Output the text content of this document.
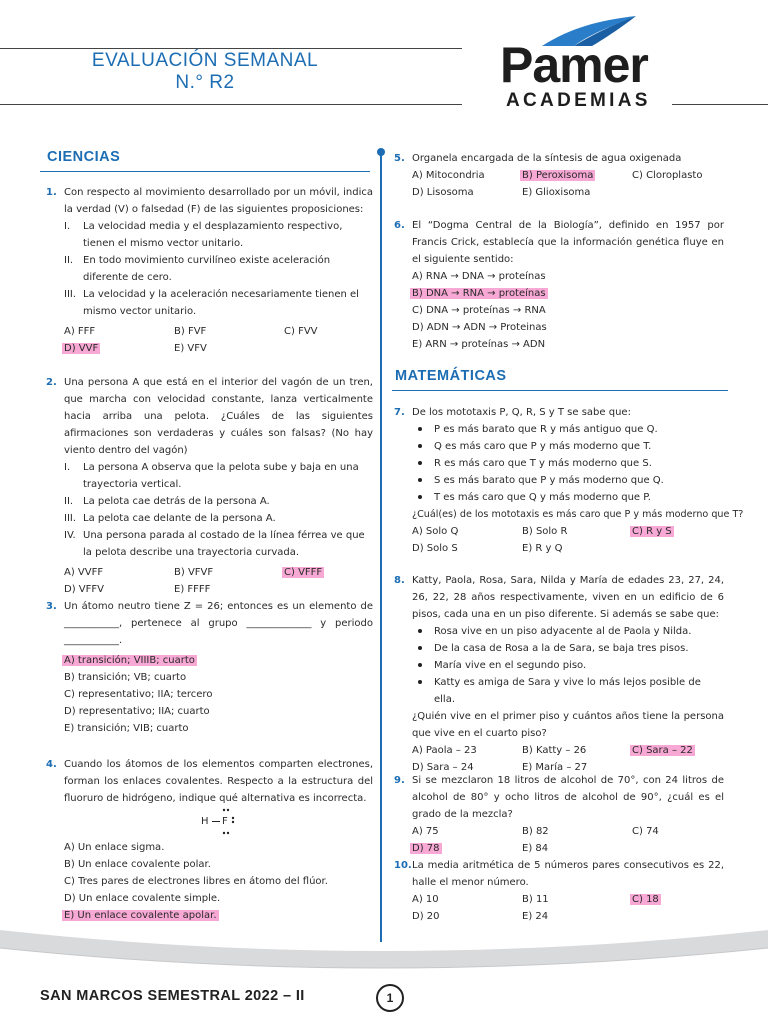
EVALUACIÓN SEMANAL
N.° R2	Pamer
ACADEMIAS
CIENCIAS
1. Con respecto al movimiento desarrollado por un móvil, indica la verdad (V) o falsedad (F) de las siguientes proposiciones:
I. La velocidad media y el desplazamiento respectivo, tienen el mismo vector unitario.
II. En todo movimiento curvilíneo existe aceleración diferente de cero.
III. La velocidad y la aceleración necesariamente tienen el mismo vector unitario.
A) FFF	B) FVF	C) FVV
D) VVF	E) VFV
2. Una persona A que está en el interior del vagón de un tren, que marcha con velocidad constante, lanza verticalmente hacia arriba una pelota. ¿Cuáles de las siguientes afirmaciones son verdaderas y cuáles son falsas? (No hay viento dentro del vagón)
I. La persona A observa que la pelota sube y baja en una trayectoria vertical.
II. La pelota cae detrás de la persona A.
III. La pelota cae delante de la persona A.
IV. Una persona parada al costado de la línea férrea ve que la pelota describe una trayectoria curvada.
A) VVFF	B) VFVF	C) VFFF
D) VFFV	E) FFFF
3. Un átomo neutro tiene Z = 26; entonces es un elemento de ___________, pertenece al grupo _____________ y periodo ___________.
A) transición; VIIIB; cuarto
B) transición; VB; cuarto
C) representativo; IIA; tercero
D) representativo; IIA; cuarto
E) transición; VIB; cuarto
4. Cuando los átomos de los elementos comparten electrones, forman los enlaces covalentes. Respecto a la estructura del fluoruro de hidrógeno, indique qué alternativa es incorrecta.
H F
A) Un enlace sigma.
B) Un enlace covalente polar.
C) Tres pares de electrones libres en átomo del flúor.
D) Un enlace covalente simple.
E) Un enlace covalente apolar.
5. Organela encargada de la síntesis de agua oxigenada
A) Mitocondria	B) Peroxisoma	C) Cloroplasto
D) Lisosoma	E) Glioxisoma
6. El “Dogma Central de la Biología”, definido en 1957 por Francis Crick, establecía que la información genética fluye en el siguiente sentido:
A) RNA → DNA → proteínas
B) DNA → RNA → proteínas
C) DNA → proteínas → RNA
D) ADN → ADN → Proteinas
E) ARN → proteínas → ADN
7. De los mototaxis P, Q, R, S y T se sabe que:
P es más barato que R y más antiguo que Q.
Q es más caro que P y más moderno que T.
R es más caro que T y más moderno que S.
S es más barato que P y más moderno que Q.
T es más caro que Q y más moderno que P.
¿Cuál(es) de los mototaxis es más caro que P y más moderno que T?
A) Solo Q	B) Solo R	C) R y S
D) Solo S	E) R y Q
8. Katty, Paola, Rosa, Sara, Nilda y María de edades 23, 27, 24, 26, 22, 28 años respectivamente, viven en un edificio de 6 pisos, cada una en un piso diferente. Si además se sabe que:
Rosa vive en un piso adyacente al de Paola y Nilda.
De la casa de Rosa a la de Sara, se baja tres pisos.
María vive en el segundo piso.
Katty es amiga de Sara y vive lo más lejos posible de ella.
¿Quién vive en el primer piso y cuántos años tiene la persona que vive en el cuarto piso?
A) Paola – 23	B) Katty – 26	C) Sara – 22
D) Sara – 24	E) María – 27
9. Si se mezclaron 18 litros de alcohol de 70°, con 24 litros de alcohol de 80° y ocho litros de alcohol de 90°, ¿cuál es el grado de la mezcla?
A) 75	B) 82	C) 74
D) 78	E) 84
10. La media aritmética de 5 números pares consecutivos es 22, halle el menor número.
A) 10	B) 11	C) 18
D) 20	E) 24
MATEMÁTICAS
SAN MARCOS SEMESTRAL 2022 – II	1
